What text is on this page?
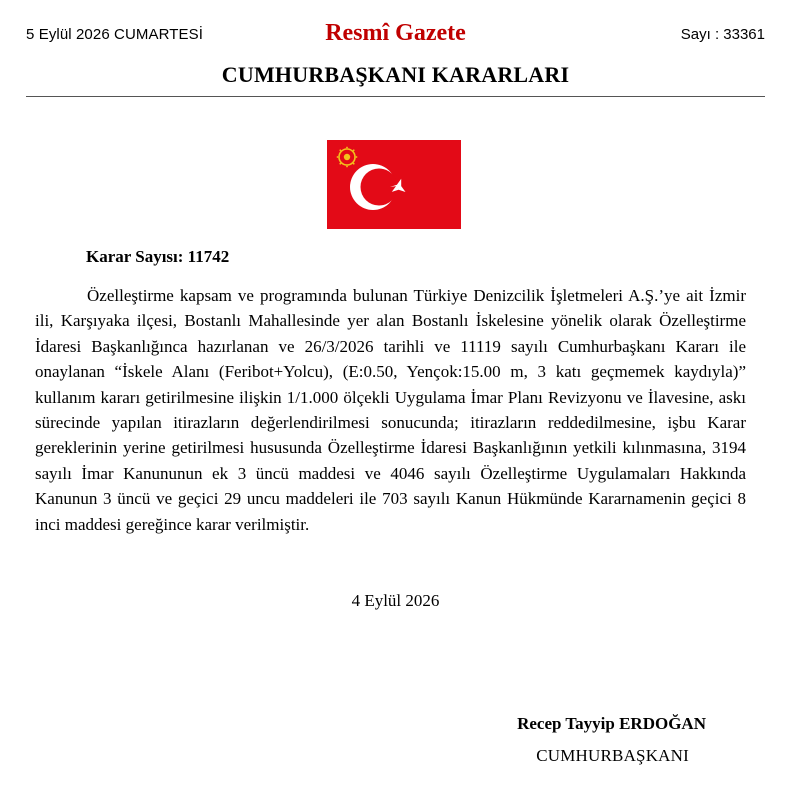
5 Eylül 2026 CUMARTESİ	Resmî Gazete	Sayı : 33361
CUMHURBAŞKANI KARARLARI
Karar Sayısı: 11742

Özelleştirme kapsam ve programında bulunan Türkiye Denizcilik İşletmeleri A.Ş.’ye ait İzmir ili, Karşıyaka ilçesi, Bostanlı Mahallesinde yer alan Bostanlı İskelesine yönelik olarak Özelleştirme İdaresi Başkanlığınca hazırlanan ve 26/3/2026 tarihli ve 11119 sayılı Cumhurbaşkanı Kararı ile onaylanan “İskele Alanı (Feribot+Yolcu), (E:0.50, Yençok:15.00 m, 3 katı geçmemek kaydıyla)” kullanım kararı getirilmesine ilişkin 1/1.000 ölçekli Uygulama İmar Planı Revizyonu ve İlavesine, askı sürecinde yapılan itirazların değerlendirilmesi sonucunda; itirazların reddedilmesine, işbu Karar gereklerinin yerine getirilmesi hususunda Özelleştirme İdaresi Başkanlığının yetkili kılınmasına, 3194 sayılı İmar Kanununun ek 3 üncü maddesi ve 4046 sayılı Özelleştirme Uygulamaları Hakkında Kanunun 3 üncü ve geçici 29 uncu maddeleri ile 703 sayılı Kanun Hükmünde Kararnamenin geçici 8 inci maddesi gereğince karar verilmiştir.

4 Eylül 2026
Recep Tayyip ERDOĞAN
CUMHURBAŞKANI
